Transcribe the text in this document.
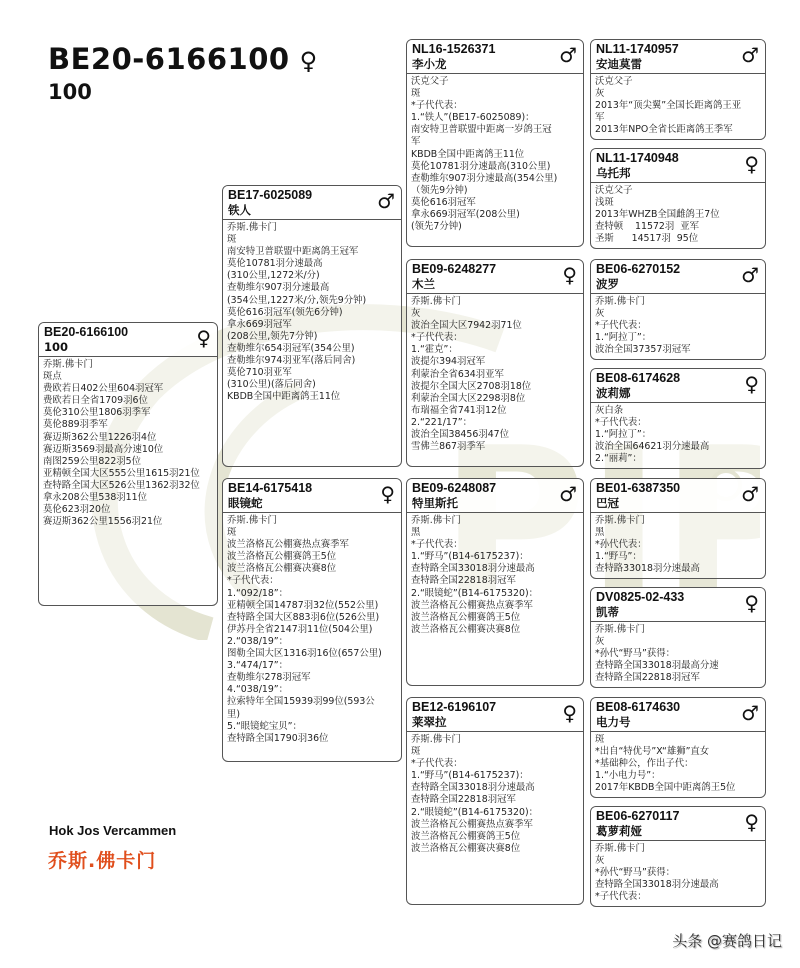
BE20-6166100 ♀
100
BE20-6166100
100	♀
乔斯.佛卡门
斑点
费欧若日402公里604羽冠军
费欧若日全省1709羽6位
莫伦310公里1806羽季军
莫伦889羽季军
赛迈斯362公里1226羽4位
赛迈斯3569羽最高分速10位
南图259公里822羽5位
亚精顿全国大区555公里1615羽21位
查特路全国大区526公里1362羽32位
拿永208公里538羽11位
莫伦623羽20位
赛迈斯362公里1556羽21位
BE17-6025089
铁人	♂
乔斯.佛卡门
斑
南安特卫普联盟中距离鸽王冠军
莫伦10781羽分速最高
(310公里,1272米/分)
查勒维尔907羽分速最高
(354公里,1227米/分,领先9分钟)
莫伦616羽冠军(领先6分钟)
拿永669羽冠军
(208公里,领先7分钟)
查勒维尔654羽冠军(354公里)
查勒维尔974羽亚军(落后同舍)
莫伦710羽亚军
(310公里)(落后同舍)
KBDB全国中距离鸽王11位
BE14-6175418
眼镜蛇	♀
乔斯.佛卡门
斑
波兰洛格瓦公棚赛热点赛季军
波兰洛格瓦公棚赛鸽王5位
波兰洛格瓦公棚赛决赛8位
*子代代表：
1.“092/18”：
亚精顿全国14787羽32位(552公里)
查特路全国大区883羽6位(526公里)
伊苏丹全省2147羽11位(504公里)
2.“038/19”：
图勒全国大区1316羽16位(657公里)
3.“474/17”：
查勒维尔278羽冠军
4.“038/19”：
拉索特年全国15939羽99位(593公
里)
5.“眼镜蛇宝贝”：
查特路全国1790羽36位
NL16-1526371
李小龙	♂
沃克父子
斑
*子代代表：
1.“铁人”(BE17-6025089)：
南安特卫普联盟中距离一岁鸽王冠
军
KBDB全国中距离鸽王11位
莫伦10781羽分速最高(310公里)
查勒维尔907羽分速最高(354公里)
（领先9分钟)
莫伦616羽冠军
拿永669羽冠军(208公里)
(领先7分钟)
BE09-6248277
木兰	♀
乔斯.佛卡门
灰
波治全国大区7942羽71位
*子代代表：
1.“霍克”：
波提尔394羽冠军
利蒙治全省634羽亚军
波提尔全国大区2708羽18位
利蒙治全国大区2298羽8位
布瑞福全省741羽12位
2.“221/17”：
波治全国38456羽47位
雪佛兰867羽季军
BE09-6248087
特里斯托	♂
乔斯.佛卡门
黑
*子代代表：
1.“野马”(B14-6175237)：
查特路全国33018羽分速最高
查特路全国22818羽冠军
2.“眼镜蛇”(B14-6175320)：
波兰洛格瓦公棚赛热点赛季军
波兰洛格瓦公棚赛鸽王5位
波兰洛格瓦公棚赛决赛8位
BE12-6196107
莱翠拉	♀
乔斯.佛卡门
斑
*子代代表：
1.“野马”(B14-6175237)：
查特路全国33018羽分速最高
查特路全国22818羽冠军
2.“眼镜蛇”(B14-6175320)：
波兰洛格瓦公棚赛热点赛季军
波兰洛格瓦公棚赛鸽王5位
波兰洛格瓦公棚赛决赛8位
NL11-1740957
安迪莫雷	♂
沃克父子
灰
2013年“顶尖翼”全国长距离鸽王亚
军
2013年NPO全省长距离鸽王季军
NL11-1740948
乌托邦	♀
沃克父子
浅斑
2013年WHZB全国雌鸽王7位
查特顿    11572羽  亚军
圣斯      14517羽  95位
BE06-6270152
波罗	♂
乔斯.佛卡门
灰
*子代代表：
1.“阿拉丁”：
波治全国37357羽冠军
BE08-6174628
波莉娜	♀
灰白条
*子代代表：
1.“阿拉丁”：
波治全国64621羽分速最高
2.“丽莉”：
BE01-6387350
巴冠	♂
乔斯.佛卡门
黑
*孙代代表：
1.“野马”：
查特路33018羽分速最高
DV0825-02-433
凯蒂	♀
乔斯.佛卡门
灰
*孙代“野马”获得：
查特路全国33018羽最高分速
查特路全国22818羽冠军
BE08-6174630
电力号	♂
斑
*出自“特优号”X“雄狮”直女
*基础种公，作出子代：
1.“小电力号”：
2017年KBDB全国中距离鸽王5位
BE06-6270117
葛萝莉娅	♀
乔斯.佛卡门
灰
*孙代“野马”获得：
查特路全国33018羽分速最高
*子代代表：
Hok Jos Vercammen
乔斯.佛卡门
头条 @赛鸽日记
